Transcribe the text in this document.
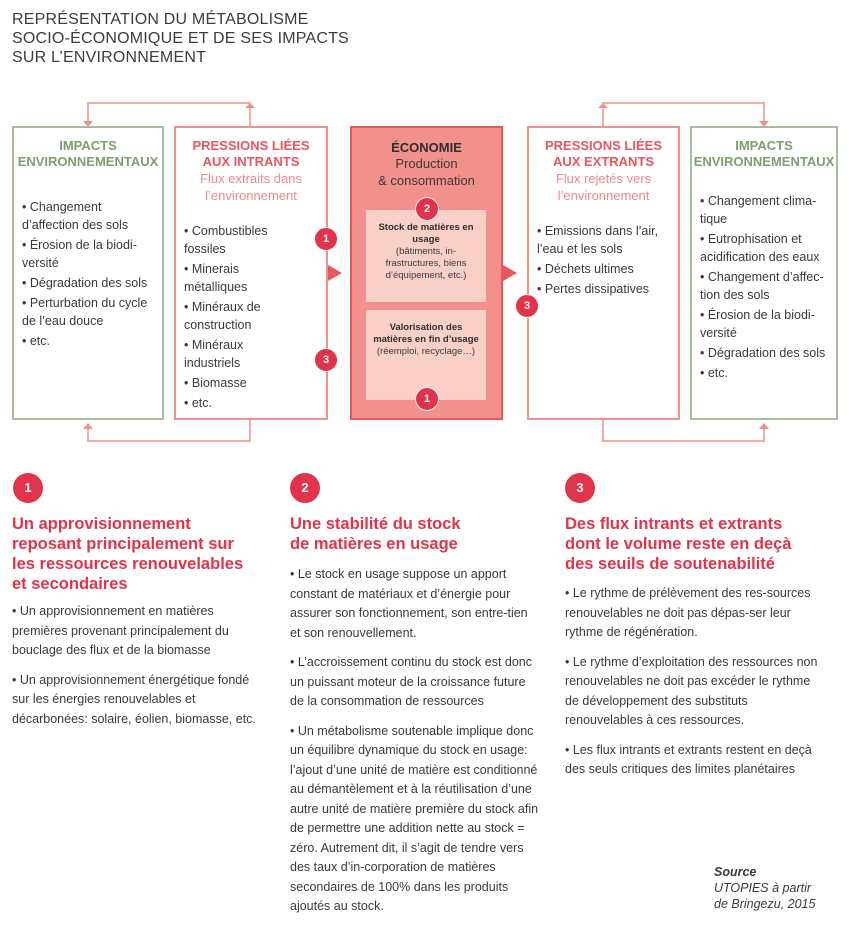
REPRÉSENTATION DU MÉTABOLISME
SOCIO-ÉCONOMIQUE ET DE SES IMPACTS
SUR L’ENVIRONNEMENT
IMPACTS
ENVIRONNEMENTAUX
• Changement d’affection des sols
• Érosion de la biodi-versité
• Dégradation des sols
• Perturbation du cycle de l’eau douce
• etc.
PRESSIONS LIÉES
AUX INTRANTS
Flux extraits dans
l’environnement
• Combustibles fossiles
• Minerais métalliques
• Minéraux de construction
• Minéraux industriels
• Biomasse
• etc.
ÉCONOMIE
Production
& consommation
Stock de matières en usage
(bâtiments, in-frastructures, biens d’équipement, etc.)
Valorisation des matières en fin d’usage
(réemploi, recyclage…)
PRESSIONS LIÉES
AUX EXTRANTS
Flux rejetés vers
l’environnement
• Emissions dans l’air, l’eau et les sols
• Déchets ultimes
• Pertes dissipatives
IMPACTS
ENVIRONNEMENTAUX
• Changement clima-tique
• Eutrophisation et acidification des eaux
• Changement d’affec-tion des sols
• Érosion de la biodi-versité
• Dégradation des sols
• etc.
1
3
2
1
3
1
Un approvisionnement
reposant principalement sur
les ressources renouvelables
et secondaires

• Un approvisionnement en matières premières provenant principalement du bouclage des flux et de la biomasse

• Un approvisionnement énergétique fondé sur les énergies renouvelables et décarbonées: solaire, éolien, biomasse, etc.

2
Une stabilité du stock
de matières en usage

• Le stock en usage suppose un apport constant de matériaux et d’énergie pour assurer son fonctionnement, son entre-tien et son renouvellement.

• L’accroissement continu du stock est donc un puissant moteur de la croissance future de la consommation de ressources

• Un métabolisme soutenable implique donc un équilibre dynamique du stock en usage: l’ajout d’une unité de matière est conditionné au démantèlement et à la réutilisation d’une autre unité de matière première du stock afin de permettre une addition nette au stock = zéro. Autrement dit, il s’agit de tendre vers des taux d’in-corporation de matières secondaires de 100% dans les produits ajoutés au stock.

3
Des flux intrants et extrants
dont le volume reste en deçà
des seuils de soutenabilité

• Le rythme de prélèvement des res-sources renouvelables ne doit pas dépas-ser leur rythme de régénération.

• Le rythme d’exploitation des ressources non renouvelables ne doit pas excéder le rythme de développement des substituts renouvelables à ces ressources.

• Les flux intrants et extrants restent en deçà des seuls critiques des limites planétaires

Source
UTOPIES à partir
de Bringezu, 2015
